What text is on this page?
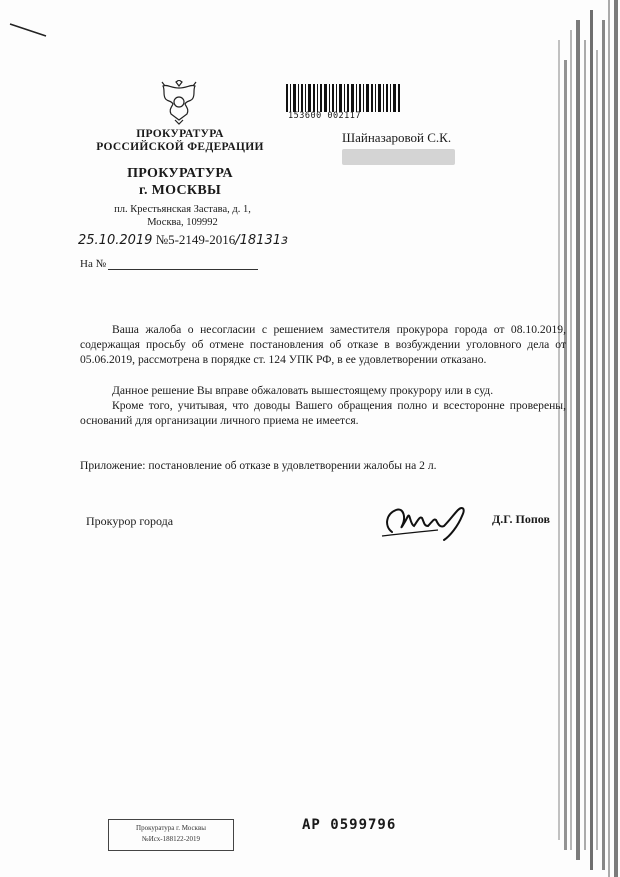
ПРОКУРАТУРА
РОССИЙСКОЙ ФЕДЕРАЦИИ
ПРОКУРАТУРА
г. МОСКВЫ
пл. Крестьянская Застава, д. 1,
Москва, 109992
153600 002117
Шайназаровой С.К.
25.10.2019 №5-2149-2016/18131з
На №
Ваша жалоба о несогласии с решением заместителя прокурора города от 08.10.2019, содержащая просьбу об отмене постановления об отказе в возбуждении уголовного дела от 05.06.2019, рассмотрена в порядке ст. 124 УПК РФ, в ее удовлетворении отказано.
Данное решение Вы вправе обжаловать вышестоящему прокурору или в суд.
Кроме того, учитывая, что доводы Вашего обращения полно и всесторонне проверены, оснований для организации личного приема не имеется.
Приложение: постановление об отказе в удовлетворении жалобы на 2 л.
Прокурор города	Д.Г. Попов
Прокуратура г. Москвы
№Исх-188122-2019
АР 0599796
